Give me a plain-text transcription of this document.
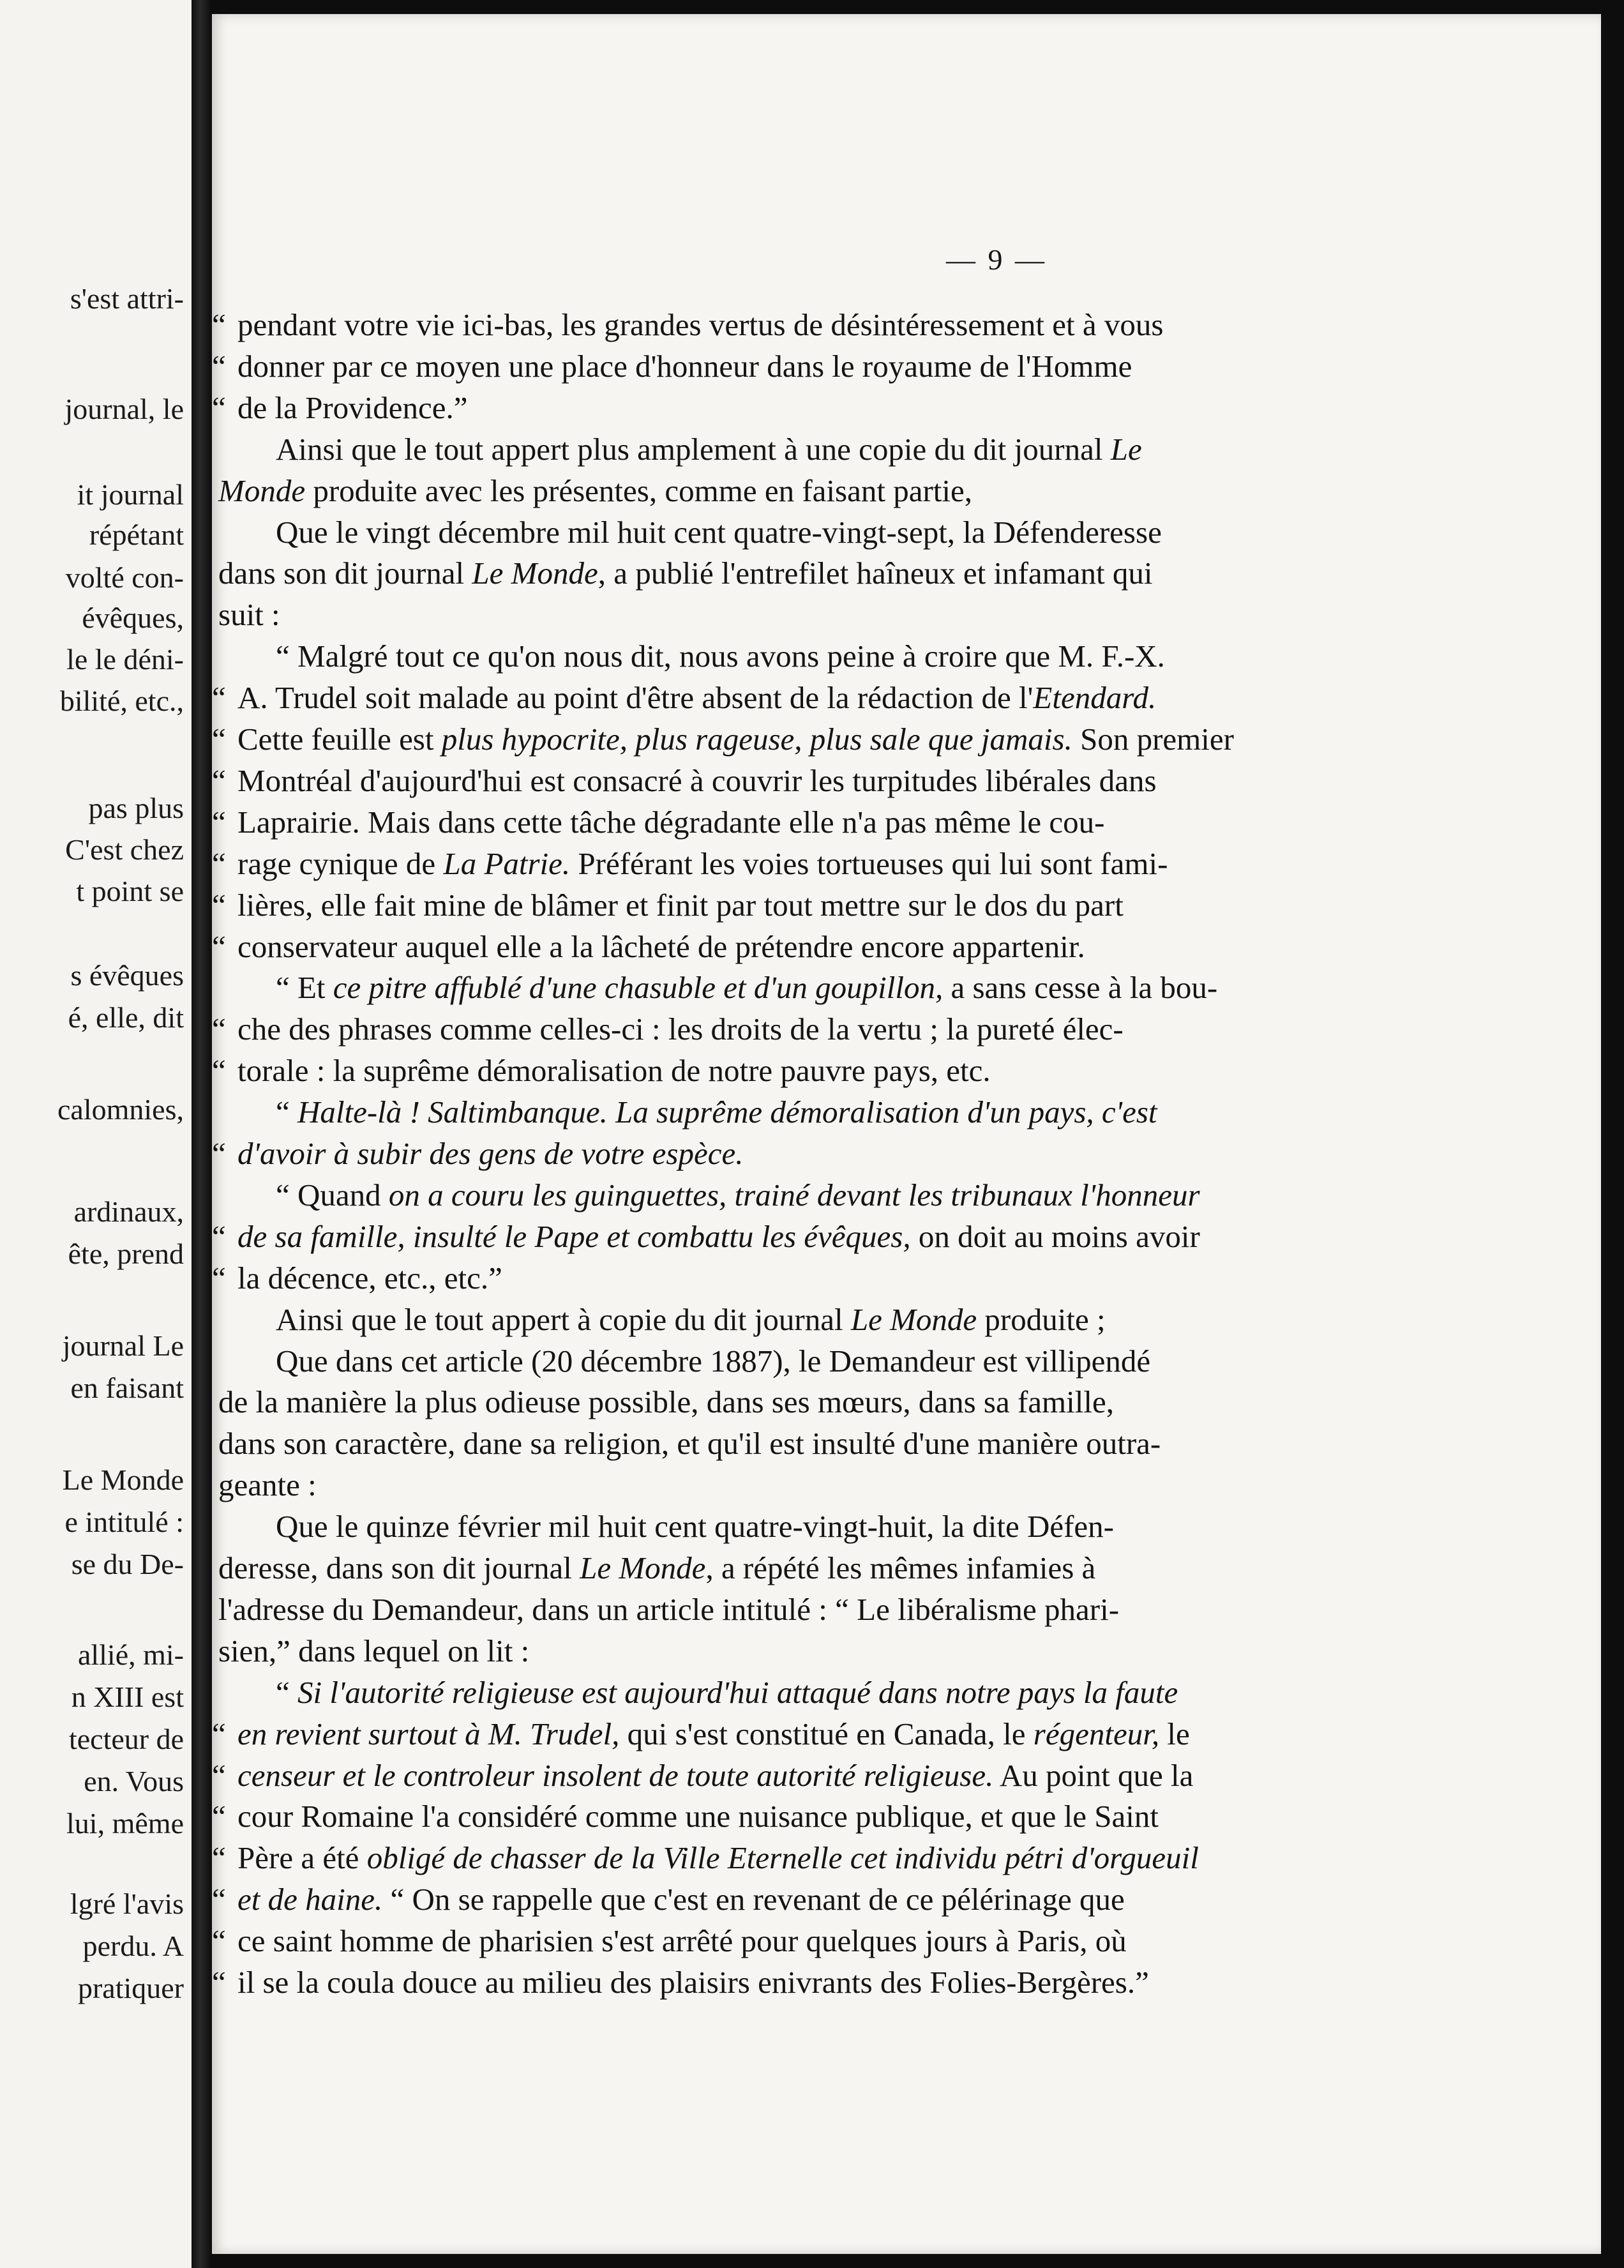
s'est attri-
journal, le
it journal
répétant
volté con-
évêques,
le le déni-
bilité, etc.,
pas plus
C'est chez
t point se
s évêques
é, elle, dit
calomnies,
ardinaux,
ête, prend
journal Le
en faisant
Le Monde
e intitulé :
se du De-
allié, mi-
n XIII est
tecteur de
en. Vous
lui, même
lgré l'avis
perdu. A
pratiquer
— 9 —
“ pendant votre vie ici-bas, les grandes vertus de désintéressement et à vous
“ donner par ce moyen une place d'honneur dans le royaume de l'Homme
“ de la Providence.”
Ainsi que le tout appert plus amplement à une copie du dit journal Le
Monde produite avec les présentes, comme en faisant partie,
Que le vingt décembre mil huit cent quatre-vingt-sept, la Défenderesse
dans son dit journal Le Monde, a publié l'entrefilet haîneux et infamant qui
suit :
“ Malgré tout ce qu'on nous dit, nous avons peine à croire que M. F.-X.
“ A. Trudel soit malade au point d'être absent de la rédaction de l'Etendard.
“ Cette feuille est plus hypocrite, plus rageuse, plus sale que jamais. Son premier
“ Montréal d'aujourd'hui est consacré à couvrir les turpitudes libérales dans
“ Laprairie. Mais dans cette tâche dégradante elle n'a pas même le cou-
“ rage cynique de La Patrie. Préférant les voies tortueuses qui lui sont fami-
“ lières, elle fait mine de blâmer et finit par tout mettre sur le dos du part
“ conservateur auquel elle a la lâcheté de prétendre encore appartenir.
“ Et ce pitre affublé d'une chasuble et d'un goupillon, a sans cesse à la bou-
“ che des phrases comme celles-ci : les droits de la vertu ; la pureté élec-
“ torale : la suprême démoralisation de notre pauvre pays, etc.
“ Halte-là ! Saltimbanque. La suprême démoralisation d'un pays, c'est
“ d'avoir à subir des gens de votre espèce.
“ Quand on a couru les guinguettes, trainé devant les tribunaux l'honneur
“ de sa famille, insulté le Pape et combattu les évêques, on doit au moins avoir
“ la décence, etc., etc.”
Ainsi que le tout appert à copie du dit journal Le Monde produite ;
Que dans cet article (20 décembre 1887), le Demandeur est villipendé
de la manière la plus odieuse possible, dans ses mœurs, dans sa famille,
dans son caractère, dane sa religion, et qu'il est insulté d'une manière outra-
geante :
Que le quinze février mil huit cent quatre-vingt-huit, la dite Défen-
deresse, dans son dit journal Le Monde, a répété les mêmes infamies à
l'adresse du Demandeur, dans un article intitulé : “ Le libéralisme phari-
sien,” dans lequel on lit :
“ Si l'autorité religieuse est aujourd'hui attaqué dans notre pays la faute
“ en revient surtout à M. Trudel, qui s'est constitué en Canada, le régenteur, le
“ censeur et le controleur insolent de toute autorité religieuse. Au point que la
“ cour Romaine l'a considéré comme une nuisance publique, et que le Saint
“ Père a été obligé de chasser de la Ville Eternelle cet individu pétri d'orgueuil
“ et de haine. “ On se rappelle que c'est en revenant de ce pélérinage que
“ ce saint homme de pharisien s'est arrêté pour quelques jours à Paris, où
“ il se la coula douce au milieu des plaisirs enivrants des Folies-Bergères.”
